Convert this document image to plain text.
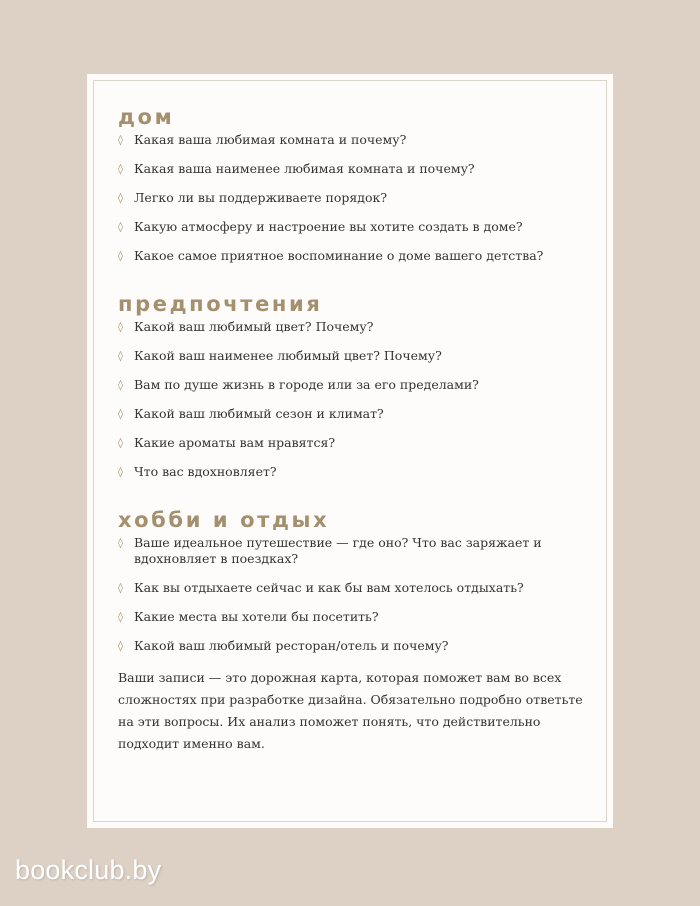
дом
◊ Какая ваша любимая комната и почему?
◊ Какая ваша наименее любимая комната и почему?
◊ Легко ли вы поддерживаете порядок?
◊ Какую атмосферу и настроение вы хотите создать в доме?
◊ Какое самое приятное воспоминание о доме вашего детства?
предпочтения
◊ Какой ваш любимый цвет? Почему?
◊ Какой ваш наименее любимый цвет? Почему?
◊ Вам по душе жизнь в городе или за его пределами?
◊ Какой ваш любимый сезон и климат?
◊ Какие ароматы вам нравятся?
◊ Что вас вдохновляет?
хобби и отдых
◊ Ваше идеальное путешествие — где оно? Что вас заряжает и вдохновляет в поездках?
◊ Как вы отдыхаете сейчас и как бы вам хотелось отдыхать?
◊ Какие места вы хотели бы посетить?
◊ Какой ваш любимый ресторан/отель и почему?

Ваши записи — это дорожная карта, которая поможет вам во всех сложностях при разработке дизайна. Обязательно подробно ответьте на эти вопросы. Их анализ поможет понять, что действительно подходит именно вам.

bookclub.by
